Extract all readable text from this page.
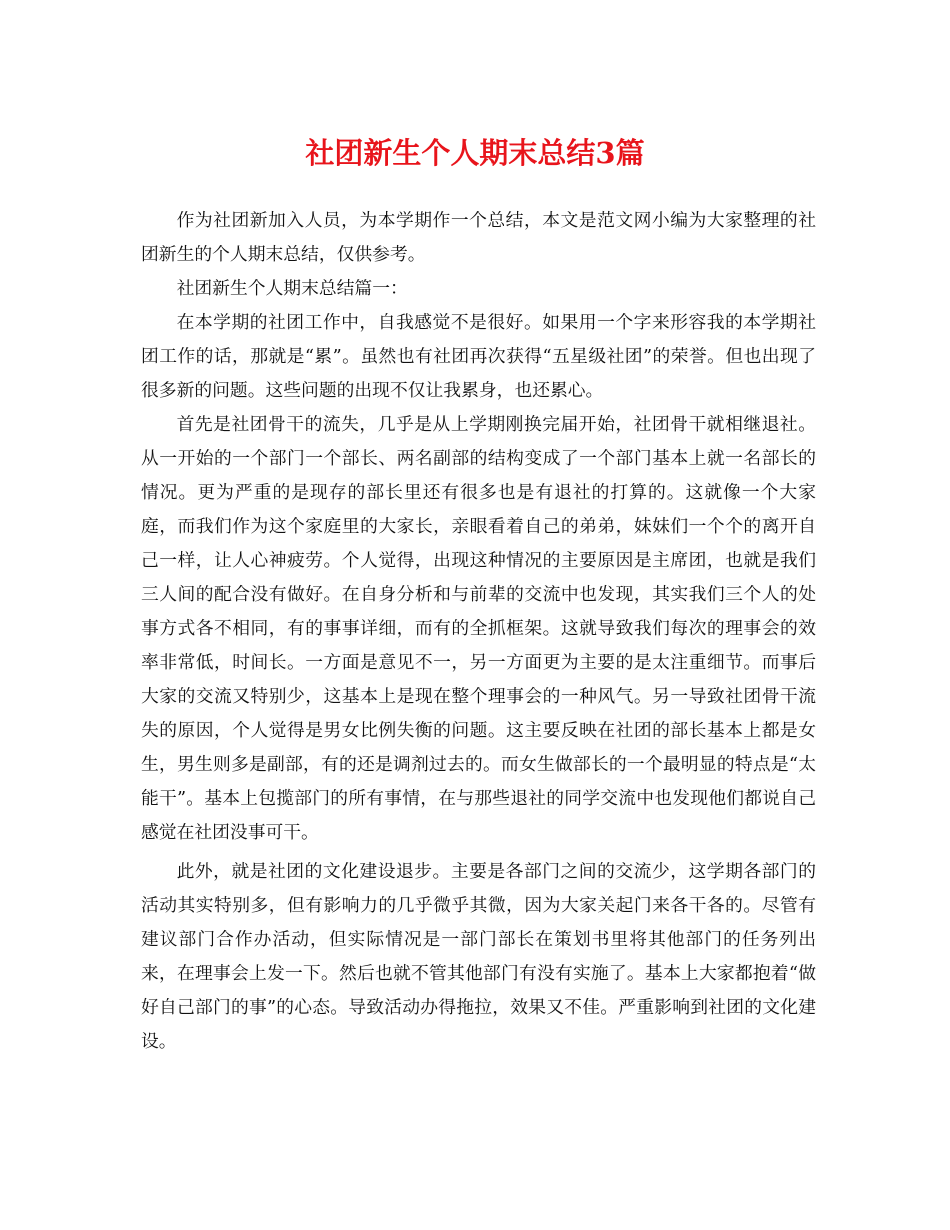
社团新生个人期末总结3篇

作为社团新加入人员，为本学期作一个总结，本文是范文网小编为大家整理的社团新生的个人期末总结，仅供参考。

社团新生个人期末总结篇一：

在本学期的社团工作中，自我感觉不是很好。如果用一个字来形容我的本学期社团工作的话，那就是“累”。虽然也有社团再次获得“五星级社团”的荣誉。但也出现了很多新的问题。这些问题的出现不仅让我累身，也还累心。

首先是社团骨干的流失，几乎是从上学期刚换完届开始，社团骨干就相继退社。从一开始的一个部门一个部长、两名副部的结构变成了一个部门基本上就一名部长的情况。更为严重的是现存的部长里还有很多也是有退社的打算的。这就像一个大家庭，而我们作为这个家庭里的大家长，亲眼看着自己的弟弟，妹妹们一个个的离开自己一样，让人心神疲劳。个人觉得，出现这种情况的主要原因是主席团，也就是我们三人间的配合没有做好。在自身分析和与前辈的交流中也发现，其实我们三个人的处事方式各不相同，有的事事详细，而有的全抓框架。这就导致我们每次的理事会的效率非常低，时间长。一方面是意见不一，另一方面更为主要的是太注重细节。而事后大家的交流又特别少，这基本上是现在整个理事会的一种风气。另一导致社团骨干流失的原因，个人觉得是男女比例失衡的问题。这主要反映在社团的部长基本上都是女生，男生则多是副部，有的还是调剂过去的。而女生做部长的一个最明显的特点是“太能干”。基本上包揽部门的所有事情，在与那些退社的同学交流中也发现他们都说自己感觉在社团没事可干。

此外，就是社团的文化建设退步。主要是各部门之间的交流少，这学期各部门的活动其实特别多，但有影响力的几乎微乎其微，因为大家关起门来各干各的。尽管有建议部门合作办活动，但实际情况是一部门部长在策划书里将其他部门的任务列出来，在理事会上发一下。然后也就不管其他部门有没有实施了。基本上大家都抱着“做好自己部门的事”的心态。导致活动办得拖拉，效果又不佳。严重影响到社团的文化建设。
